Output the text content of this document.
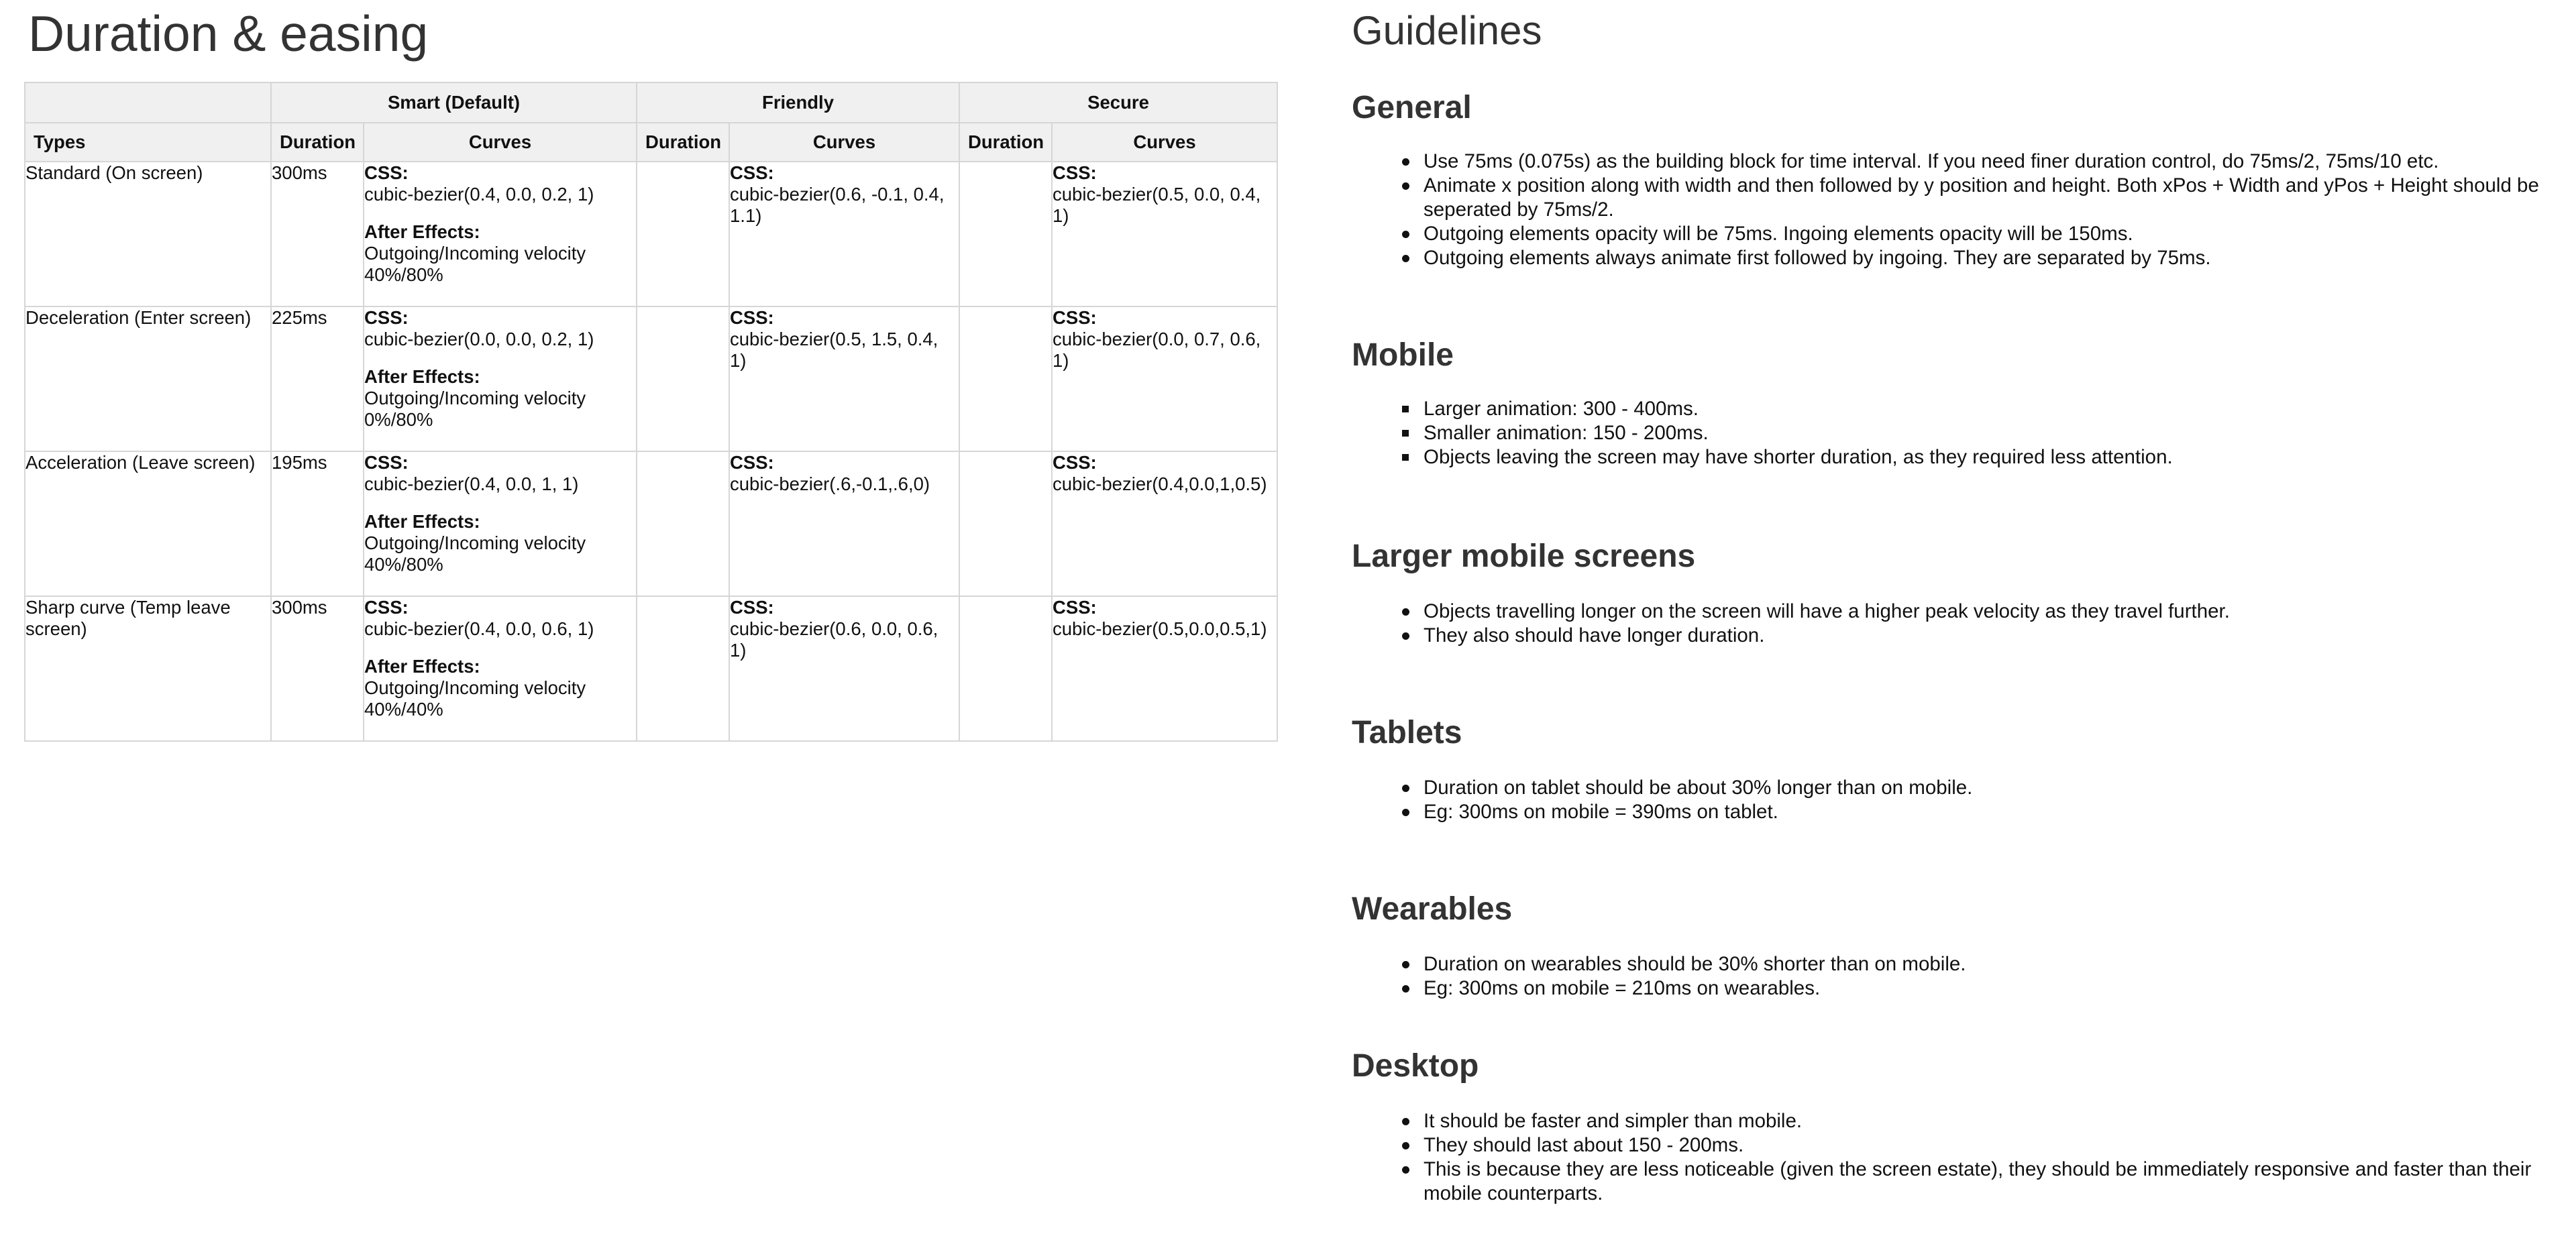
Duration & easing
	Smart (Default)		Friendly		Secure	
Types	Duration	Curves	Duration	Curves	Duration	Curves
Standard (On screen)	300ms	CSS:
cubic-bezier(0.4, 0.0, 0.2, 1)
After Effects:
Outgoing/Incoming velocity
40%/80%		CSS:
cubic-bezier(0.6, -0.1, 0.4, 1.1)		CSS:
cubic-bezier(0.5, 0.0, 0.4, 1)

Deceleration (Enter screen)	225ms	CSS:
cubic-bezier(0.0, 0.0, 0.2, 1)
After Effects:
Outgoing/Incoming velocity
0%/80%		CSS:
cubic-bezier(0.5, 1.5, 0.4, 1)		CSS:
cubic-bezier(0.0, 0.7, 0.6, 1)

Acceleration (Leave screen)	195ms	CSS:
cubic-bezier(0.4, 0.0, 1, 1)
After Effects:
Outgoing/Incoming velocity
40%/80%		CSS:
cubic-bezier(.6,-0.1,.6,0)		CSS:
cubic-bezier(0.4,0.0,1,0.5)

Sharp curve (Temp leave screen)	300ms	CSS:
cubic-bezier(0.4, 0.0, 0.6, 1)
After Effects:
Outgoing/Incoming velocity
40%/40%		CSS:
cubic-bezier(0.6, 0.0, 0.6, 1)		CSS:
cubic-bezier(0.5,0.0,0.5,1)
Guidelines
General
Use 75ms (0.075s) as the building block for time interval. If you need finer duration control, do 75ms/2, 75ms/10 etc.
Animate x position along with width and then followed by y position and height. Both xPos + Width and yPos + Height should be seperated by 75ms/2.
Outgoing elements opacity will be 75ms. Ingoing elements opacity will be 150ms.
Outgoing elements always animate first followed by ingoing. They are separated by 75ms.
Mobile
Larger animation: 300 - 400ms.
Smaller animation: 150 - 200ms.
Objects leaving the screen may have shorter duration, as they required less attention.
Larger mobile screens
Objects travelling longer on the screen will have a higher peak velocity as they travel further.
They also should have longer duration.
Tablets
Duration on tablet should be about 30% longer than on mobile.
Eg: 300ms on mobile = 390ms on tablet.
Wearables
Duration on wearables should be 30% shorter than on mobile.
Eg: 300ms on mobile = 210ms on wearables.
Desktop
It should be faster and simpler than mobile.
They should last about 150 - 200ms.
This is because they are less noticeable (given the screen estate), they should be immediately responsive and faster than their mobile counterparts.
